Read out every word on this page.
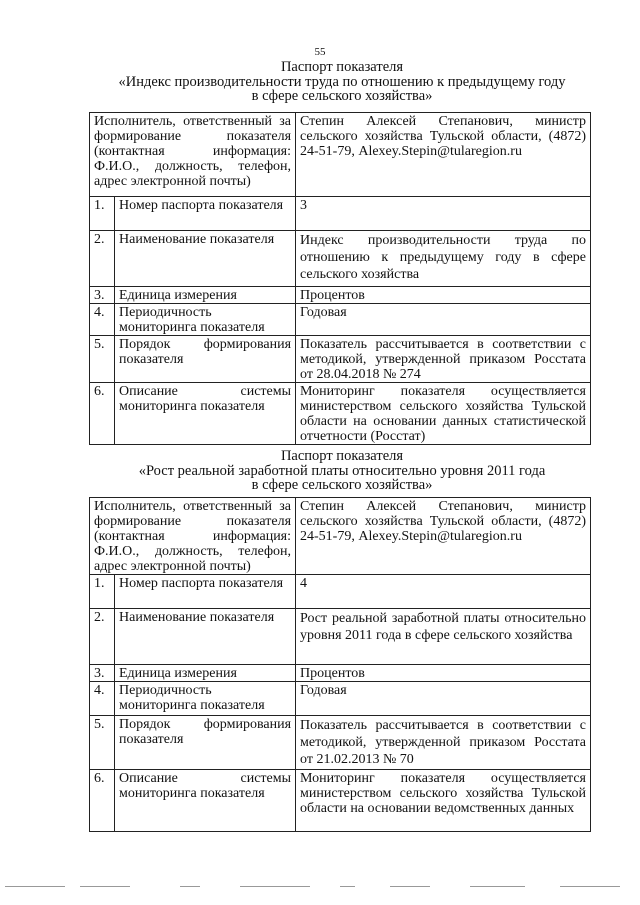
55
Паспорт показателя
«Индекс производительности труда по отношению к предыдущему году
в сфере сельского хозяйства»
Исполнитель, ответственный за формирование показателя (контактная информация: Ф.И.О., должность, телефон, адрес электронной почты)		Степин Алексей Степанович, министр сельского хозяйства Тульской области, (4872) 24-51-79, Alexey.Stepin@tularegion.ru

1.	Номер паспорта показателя	3
2.	Наименование показателя	Индекс производительности труда по отношению к предыдущему году в сфере сельского хозяйства

3.	Единица измерения	Процентов
4.	Периодичность мониторинга показателя	Годовая
5.	Порядок формирования показателя	Показатель рассчитывается в соответствии с методикой, утвержденной приказом Росстата от 28.04.2018 № 274

6.	Описание системы мониторинга показателя	Мониторинг показателя осуществляется министерством сельского хозяйства Тульской области на основании данных статистической отчетности (Росстат)
Паспорт показателя
«Рост реальной заработной платы относительно уровня 2011 года
в сфере сельского хозяйства»
Исполнитель, ответственный за формирование показателя (контактная информация: Ф.И.О., должность, телефон, адрес электронной почты)		Степин Алексей Степанович, министр сельского хозяйства Тульской области, (4872) 24-51-79, Alexey.Stepin@tularegion.ru

1.	Номер паспорта показателя	4
2.	Наименование показателя	Рост реальной заработной платы относительно уровня 2011 года в сфере сельского хозяйства

3.	Единица измерения	Процентов
4.	Периодичность мониторинга показателя	Годовая
5.	Порядок формирования показателя	Показатель рассчитывается в соответствии с методикой, утвержденной приказом Росстата от 21.02.2013 № 70

6.	Описание системы мониторинга показателя	Мониторинг показателя осуществляется министерством сельского хозяйства Тульской области на основании ведомственных данных
